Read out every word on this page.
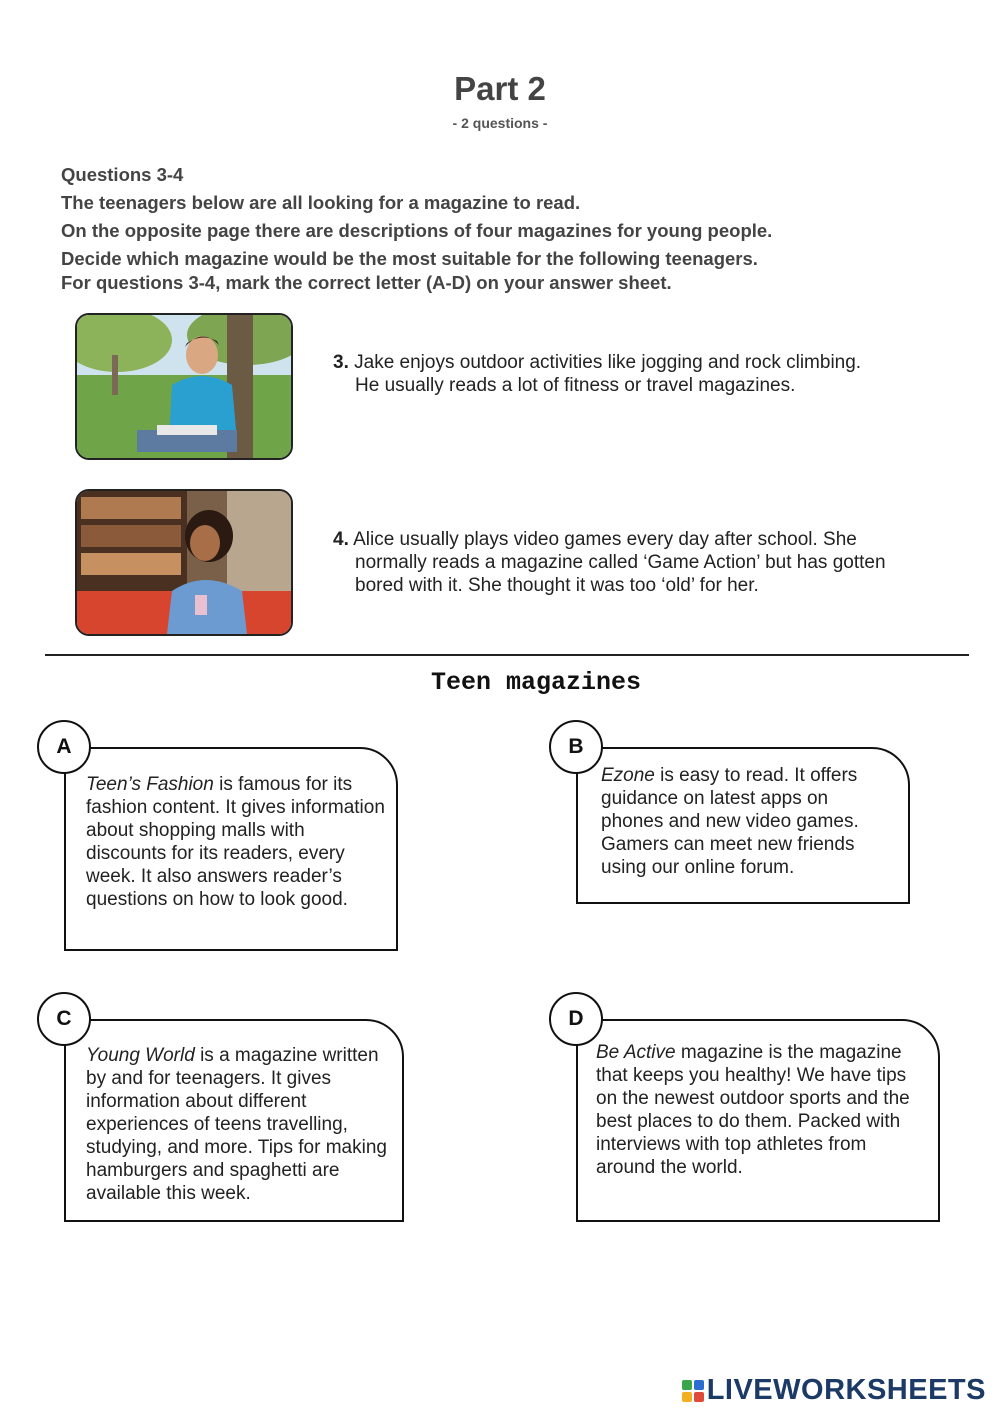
Part 2
- 2 questions -
Questions 3-4
The teenagers below are all looking for a magazine to read.
On the opposite page there are descriptions of four magazines for young people.
Decide which magazine would be the most suitable for the following teenagers.
For questions 3-4, mark the correct letter (A-D) on your answer sheet.
3. Jake enjoys outdoor activities like jogging and rock climbing.
He usually reads a lot of fitness or travel magazines.
4. Alice usually plays video games every day after school. She
normally reads a magazine called ‘Game Action’ but has gotten
bored with it. She thought it was too ‘old’ for her.
Teen magazines

Teen’s Fashion is famous for its fashion content. It gives information about shopping malls with discounts for its readers, every week. It also answers reader’s questions on how to look good.

A

Ezone is easy to read. It offers guidance on latest apps on phones and new video games. Gamers can meet new friends using our online forum.

B

Young World is a magazine written by and for teenagers. It gives information about different experiences of teens travelling, studying, and more. Tips for making hamburgers and spaghetti are available this week.

C

Be Active magazine is the magazine that keeps you healthy! We have tips on the newest outdoor sports and the best places to do them. Packed with interviews with top athletes from around the world.

D
LIVEWORKSHEETS
